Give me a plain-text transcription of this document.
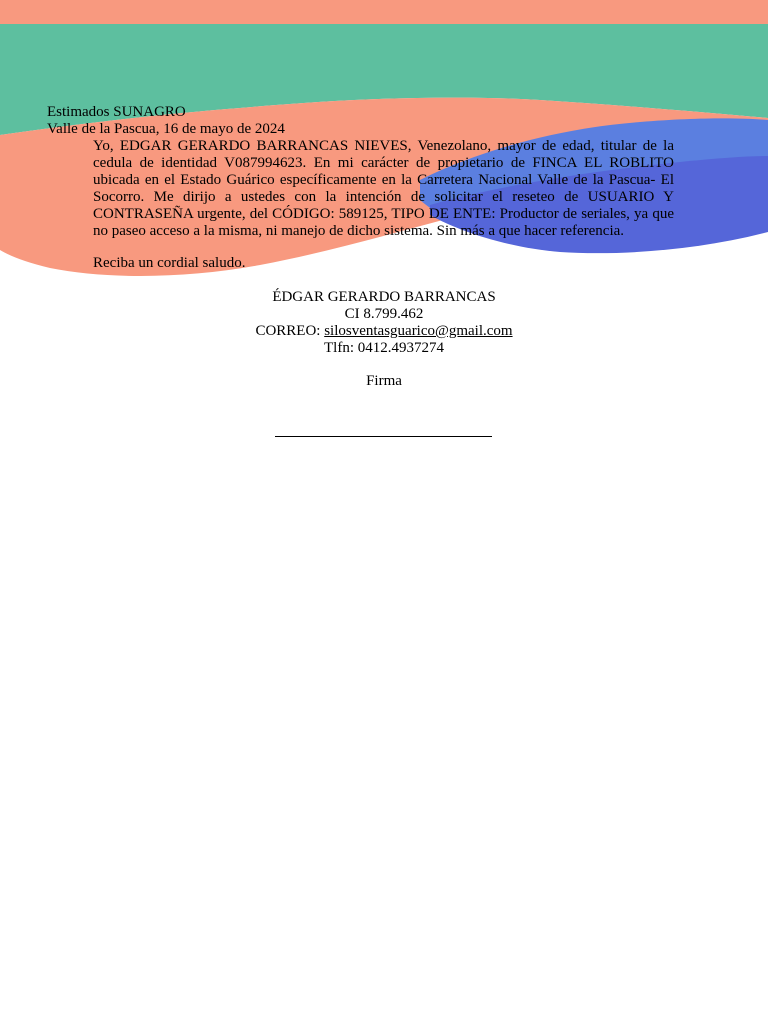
Estimados SUNAGRO

Valle de la Pascua, 16 de mayo de 2024

Yo, EDGAR GERARDO BARRANCAS NIEVES, Venezolano, mayor de edad, titular de la cedula de identidad V087994623. En mi carácter de propietario de FINCA EL ROBLITO ubicada en el Estado Guárico específicamente en la Carretera Nacional Valle de la Pascua- El Socorro. Me dirijo a ustedes con la intención de solicitar el reseteo de USUARIO Y CONTRASEÑA urgente, del CÓDIGO: 589125, TIPO DE ENTE: Productor de seriales, ya que no paseo acceso a la misma, ni manejo de dicho sistema. Sin más a que hacer referencia.

Reciba un cordial saludo.

ÉDGAR GERARDO BARRANCAS
CI 8.799.462
CORREO: silosventasguarico@gmail.com
Tlfn: 0412.4937274
Firma
